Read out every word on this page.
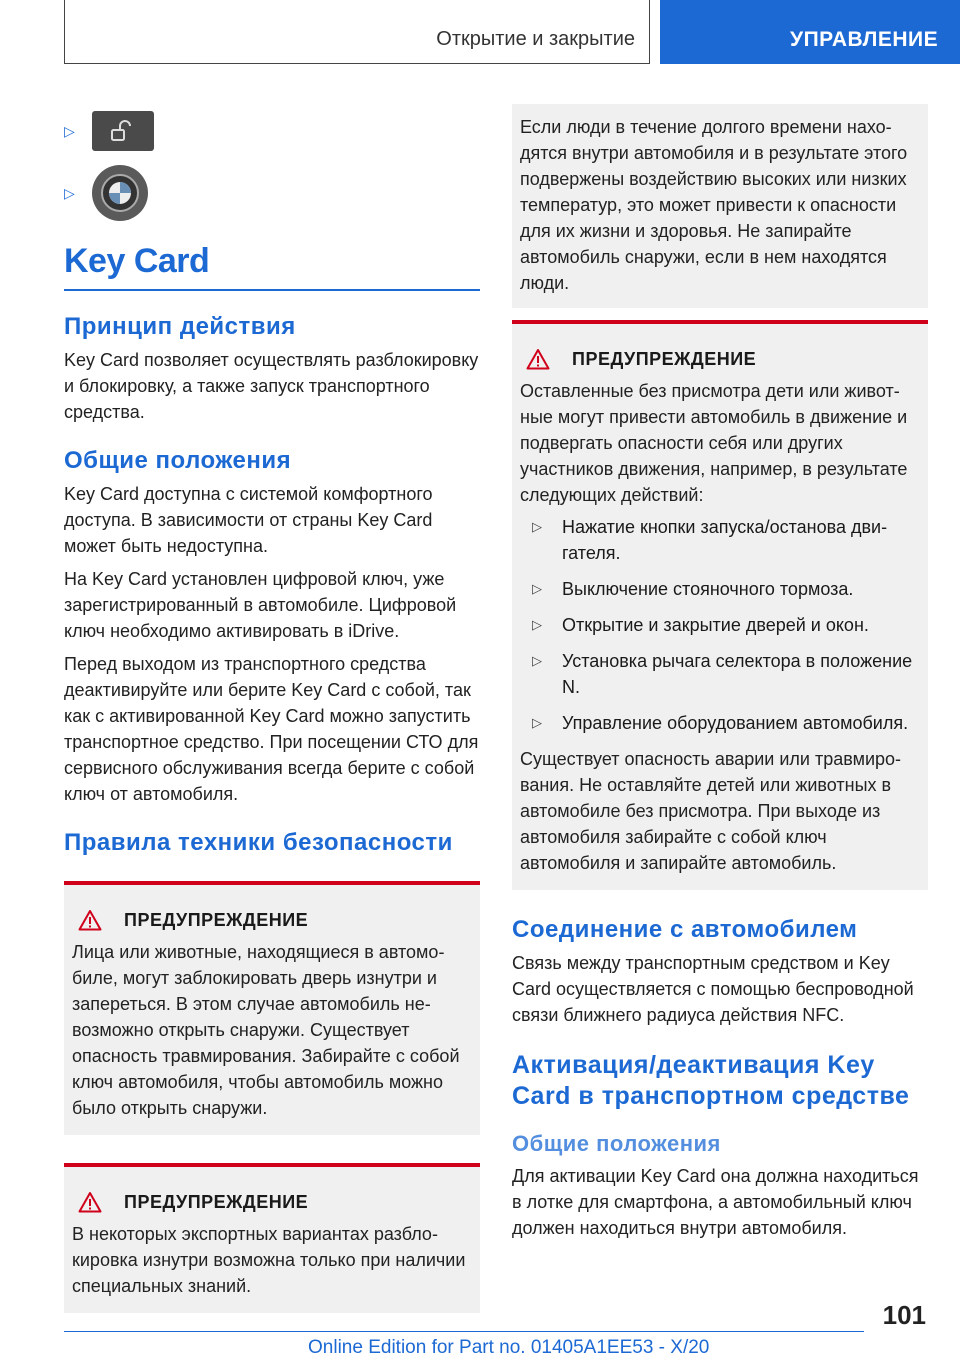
Открытие и закрытие	УПРАВЛЕНИЕ
▷
▷
Key Card
Принцип действия

Key Card позволяет осуществлять разблокировку и блокировку, а также запуск транспортного средства.

Общие положения

Key Card доступна с системой комфортного доступа. В зависимости от страны Key Card может быть недоступна.

На Key Card установлен цифровой ключ, уже зарегистрированный в автомобиле. Цифровой ключ необходимо активировать в iDrive.

Перед выходом из транспортного средства деактивируйте или берите Key Card с собой, так как с активированной Key Card можно запустить транспортное средство. При посещении СТО для сервисного обслуживания всегда берите с собой ключ от автомобиля.

Правила техники безопасности
ПРЕДУПРЕЖДЕНИЕ

Лица или животные, находящиеся в автомобиле, могут заблокировать дверь изнутри и запереться. В этом случае автомобиль невозможно открыть снаружи. Существует опасность травмирования. Забирайте с собой ключ автомобиля, чтобы автомобиль можно было открыть снаружи.

ПРЕДУПРЕЖДЕНИЕ

В некоторых экспортных вариантах разблокировка изнутри возможна только при наличии специальных знаний.

Если люди в течение долгого времени находятся внутри автомобиля и в результате этого подвержены воздействию высоких или низких температур, это может привести к опасности для их жизни и здоровья. Не запирайте автомобиль снаружи, если в нем находятся люди.

ПРЕДУПРЕЖДЕНИЕ

Оставленные без присмотра дети или животные могут привести автомобиль в движение и подвергать опасности себя или других участников движения, например, в результате следующих действий:

▷	Нажатие кнопки запуска/останова двигателя.
▷	Выключение стояночного тормоза.
▷	Открытие и закрытие дверей и окон.
▷	Установка рычага селектора в положение N.
▷	Управление оборудованием автомобиля.

Существует опасность аварии или травмирования. Не оставляйте детей или животных в автомобиле без присмотра. При выходе из автомобиля забирайте с собой ключ автомобиля и запирайте автомобиль.

Соединение с автомобилем

Связь между транспортным средством и Key Card осуществляется с помощью беспроводной связи ближнего радиуса действия NFC.

Активация/деактивация Key Card в транспортном средстве
Общие положения

Для активации Key Card она должна находиться в лотке для смартфона, а автомобильный ключ должен находиться внутри автомобиля.

101
Online Edition for Part no. 01405A1EE53 - X/20
